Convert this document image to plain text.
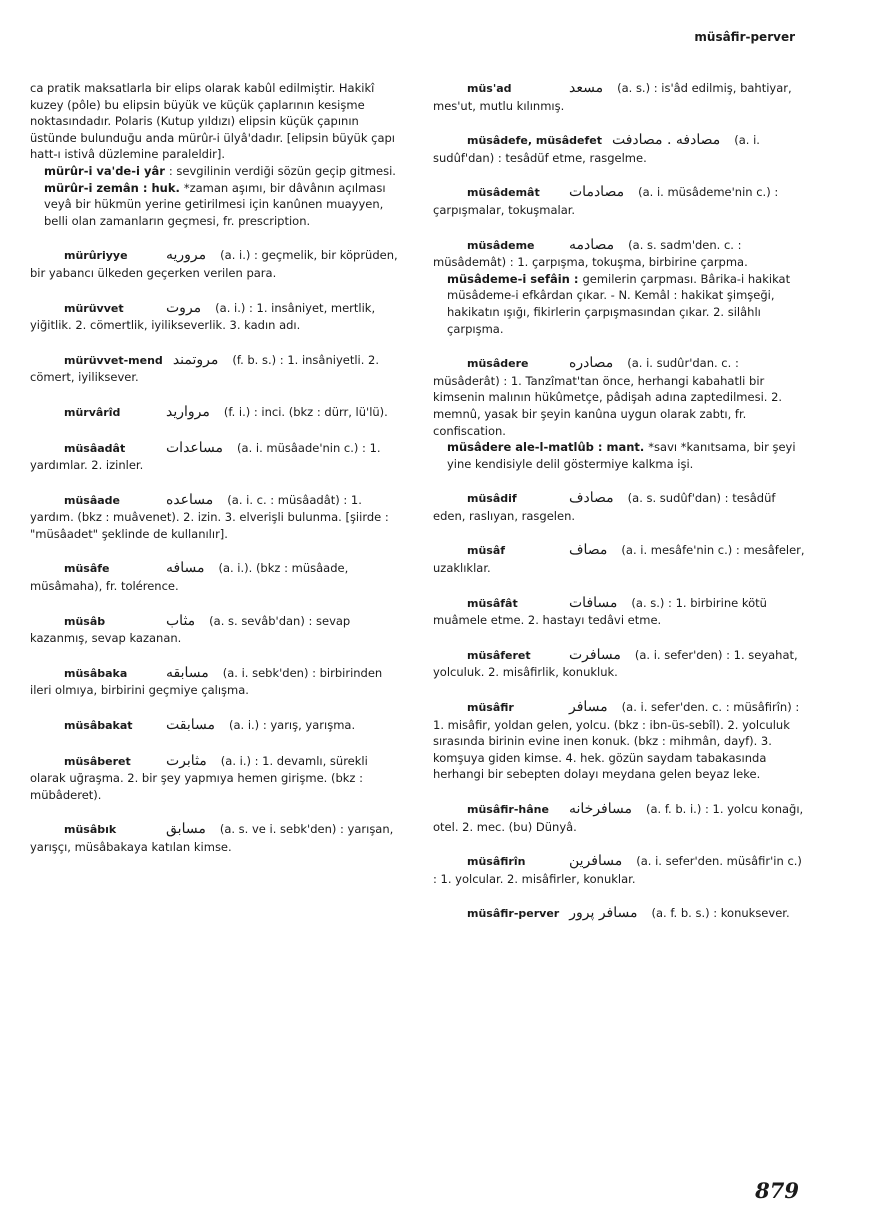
müsâfir-perver

ca pratik maksatlarla bir elips olarak kabûl edilmiştir. Hakikî kuzey (pôle) bu elipsin büyük ve küçük çaplarının kesişme noktasındadır. Polaris (Kutup yıldızı) elipsin küçük çapının üstünde bulunduğu anda mürûr-i ülyâ'dadır. [elipsin büyük çapı hatt-ı istivâ düzlemine paraleldir].

mürûr-i va'de-i yâr : sevgilinin verdiği sözün geçip gitmesi.

mürûr-i zemân : huk. *zaman aşımı, bir dâvânın açılması veyâ bir hükmün yerine getirilmesi için kanûnen muayyen, belli olan zamanların geçmesi, fr. prescription.

mürûriyye	مروريه (a. i.) : geçmelik, bir köprüden, bir yabancı ülkeden geçerken verilen para.

mürüvvet	مروت (a. i.) : 1. insâniyet, mertlik, yiğitlik. 2. cömertlik, iyilikseverlik. 3. kadın adı.

mürüvvet-mend مروتمند (f. b. s.) : 1. insâniyetli. 2. cömert, iyiliksever.

mürvârîd	مرواريد (f. i.) : inci. (bkz : dürr, lü'lü).

müsâadât	مساعدات (a. i. müsâade'nin c.) : 1. yardımlar. 2. izinler.

müsâade	مساعده (a. i. c. : müsâadât) : 1. yardım. (bkz : muâvenet). 2. izin. 3. elverişli bulunma. [şiirde : "müsâadet" şeklinde de kullanılır].

müsâfe	مسافه (a. i.). (bkz : müsâade, müsâmaha), fr. tolérence.

müsâb	مثاب (a. s. sevâb'dan) : sevap kazanmış, sevap kazanan.

müsâbaka	مسابقه (a. i. sebk'den) : birbirinden ileri olmıya, birbirini geçmiye çalışma.

müsâbakat مسابقت (a. i.) : yarış, yarışma.

müsâberet	مثابرت (a. i.) : 1. devamlı, sürekli olarak uğraşma. 2. bir şey yapmıya hemen girişme. (bkz : mübâderet).

müsâbık	مسابق (a. s. ve i. sebk'den) : yarışan, yarışçı, müsâbakaya katılan kimse.

müs'ad	مسعد (a. s.) : is'âd edilmiş, bahtiyar, mes'ut, mutlu kılınmış.

müsâdefe, müsâdefet مصادفه . مصادفت (a. i. sudûf'dan) : tesâdüf etme, rasgelme.

müsâdemât مصادمات (a. i. müsâdeme'nin c.) : çarpışmalar, tokuşmalar.

müsâdeme مصادمه (a. s. sadm'den. c. : müsâdemât) : 1. çarpışma, tokuşma, birbirine çarpma.

müsâdeme-i sefâin : gemilerin çarpması. Bârika-i hakikat müsâdeme-i efkârdan çıkar. - N. Kemâl : hakikat şimşeği, hakikatın ışığı, fikirlerin çarpışmasından çıkar. 2. silâhlı çarpışma.

müsâdere	مصادره (a. i. sudûr'dan. c. : müsâderât) : 1. Tanzîmat'tan önce, herhangi kabahatli bir kimsenin malının hükûmetçe, pâdişah adına zaptedilmesi. 2. memnû, yasak bir şeyin kanûna uygun olarak zabtı, fr. confiscation.

müsâdere ale-l-matlûb : mant. *savı *kanıtsama, bir şeyi yine kendisiyle delil göstermiye kalkma işi.

müsâdif	مصادف (a. s. sudûf'dan) : tesâdüf eden, raslıyan, rasgelen.

müsâf	مصاف (a. i. mesâfe'nin c.) : mesâfeler, uzaklıklar.

müsâfât	مسافات (a. s.) : 1. birbirine kötü muâmele etme. 2. hastayı tedâvi etme.

müsâferet	مسافرت (a. i. sefer'den) : 1. seyahat, yolculuk. 2. misâfirlik, konukluk.

müsâfir	مسافر (a. i. sefer'den. c. : müsâfirîn) : 1. misâfir, yoldan gelen, yolcu. (bkz : ibn-üs-sebîl). 2. yolculuk sırasında birinin evine inen konuk. (bkz : mihmân, dayf). 3. komşuya giden kimse. 4. hek. gözün saydam tabakasında herhangi bir sebepten dolayı meydana gelen beyaz leke.

müsâfir-hâne مسافرخانه (a. f. b. i.) : 1. yolcu konağı, otel. 2. mec. (bu) Dünyâ.

müsâfirîn	مسافرين (a. i. sefer'den. müsâfir'in c.) : 1. yolcular. 2. misâfirler, konuklar.

müsâfir-perver مسافر پرور (a. f. b. s.) : konuksever.

879
